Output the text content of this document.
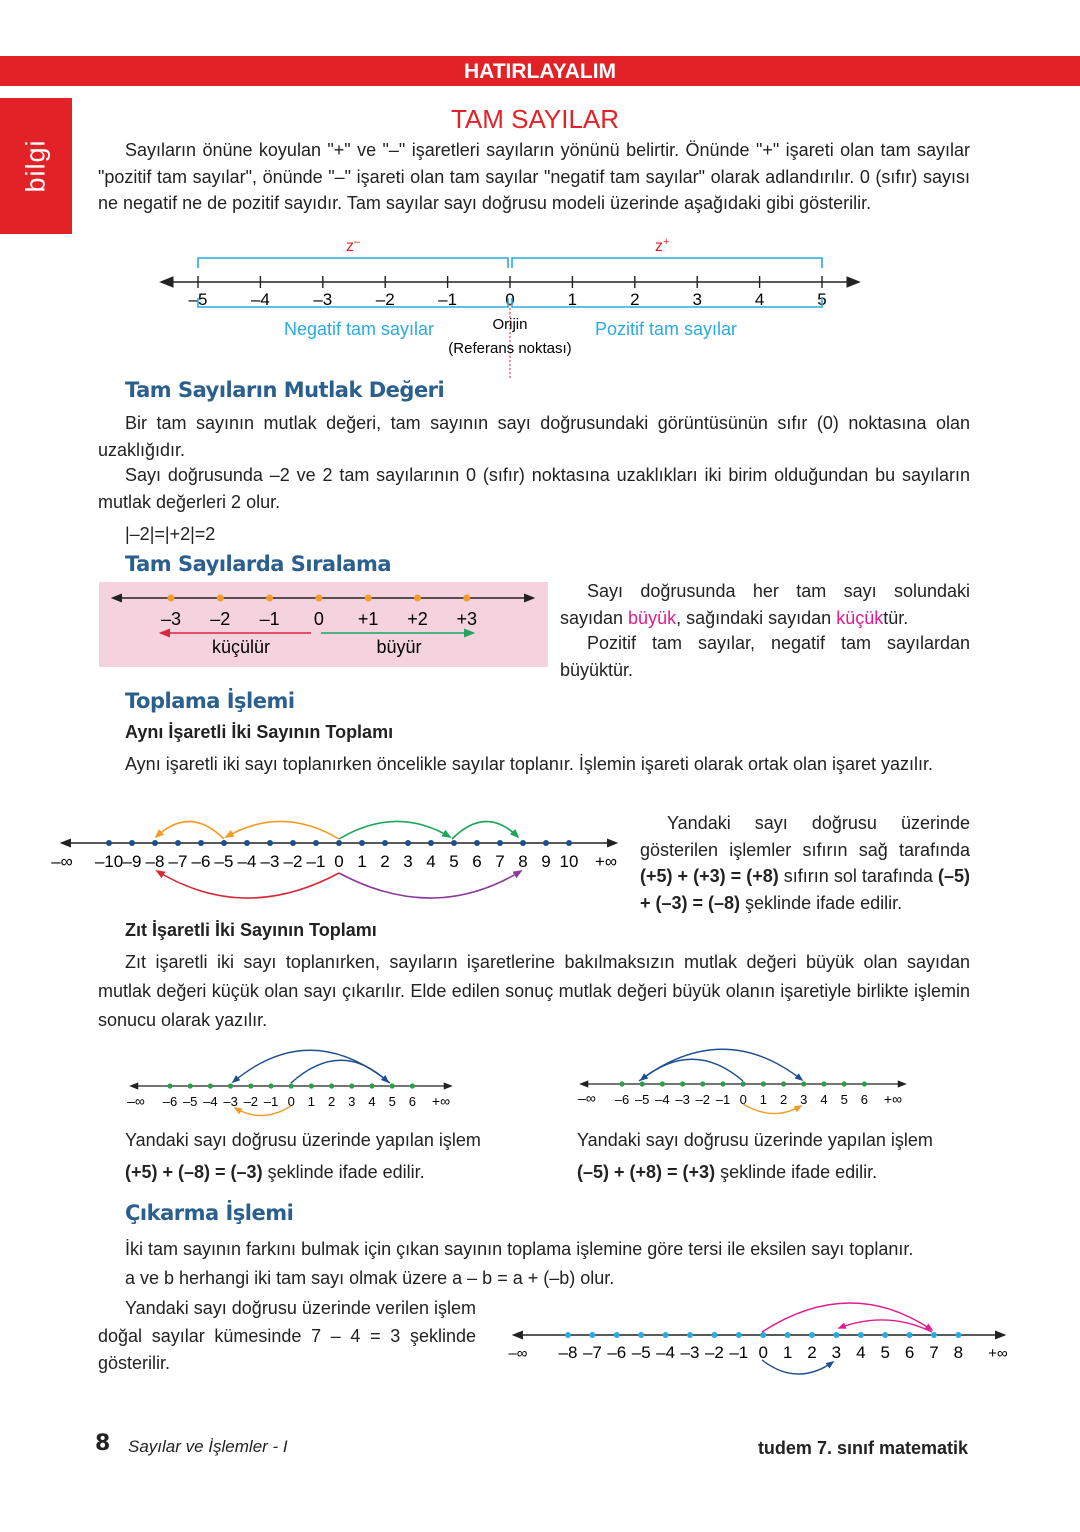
HATIRLAYALIM
bilgi
TAM SAYILAR
Sayıların önüne koyulan "+" ve "–" işaretleri sayıların yönünü belirtir. Önünde "+" işareti olan tam sayılar "pozitif tam sayılar", önünde "–" işareti olan tam sayılar "negatif tam sayılar" olarak adlandırılır. 0 (sıfır) sayısı ne negatif ne de pozitif sayıdır. Tam sayılar sayı doğrusu modeli üzerinde aşağıdaki gibi gösterilir.
z–	z+
–5	–4	–3	–2	–1	0	1	2	3	4	5
Negatif tam sayılar	Pozitif tam sayılar
Orijin
(Referans noktası)
Tam Sayıların Mutlak Değeri
Bir tam sayının mutlak değeri, tam sayının sayı doğrusundaki görüntüsünün sıfır (0) noktasına olan uzaklığıdır.
Sayı doğrusunda –2 ve 2 tam sayılarının 0 (sıfır) noktasına uzaklıkları iki birim olduğundan bu sayıların mutlak değerleri 2 olur.
|–2|=|+2|=2
Tam Sayılarda Sıralama
–3 –2 –1 0 +1 +2 +3
küçülür	büyür
Sayı doğrusunda her tam sayı solundaki sayıdan büyük, sağındaki sayıdan küçüktür.
Pozitif tam sayılar, negatif tam sayılardan büyüktür.
Toplama İşlemi
Aynı İşaretli İki Sayının Toplamı
Aynı işaretli iki sayı toplanırken öncelikle sayılar toplanır. İşlemin işareti olarak ortak olan işaret yazılır.
–10 –9 –8 –7 –6 –5 –4 –3 –2 –1 0 1 2 3 4 5 6 7 8 9 10
–∞	+∞
Yandaki sayı doğrusu üzerinde gösterilen işlemler sıfırın sağ tarafında (+5) + (+3) = (+8) sıfırın sol tarafında (–5) + (–3) = (–8) şeklinde ifade edilir.
Zıt İşaretli İki Sayının Toplamı
Zıt işaretli iki sayı toplanırken, sayıların işaretlerine bakılmaksızın mutlak değeri büyük olan sayıdan mutlak değeri küçük olan sayı çıkarılır. Elde edilen sonuç mutlak değeri büyük olanın işaretiyle birlikte işlemin sonucu olarak yazılır.
–6 –5 –4 –3 –2 –1 0 1 2 3 4 5 6
–∞	+∞	–6 –5 –4 –3 –2 –1 0 1 2 3 4 5 6
–∞	+∞
Yandaki sayı doğrusu üzerinde yapılan işlem
(+5) + (–8) = (–3) şeklinde ifade edilir.
Yandaki sayı doğrusu üzerinde yapılan işlem
(–5) + (+8) = (+3) şeklinde ifade edilir.
Çıkarma İşlemi
İki tam sayının farkını bulmak için çıkan sayının toplama işlemine göre tersi ile eksilen sayı toplanır.
a ve b herhangi iki tam sayı olmak üzere a – b = a + (–b) olur.
Yandaki sayı doğrusu üzerinde verilen işlem doğal sayılar kümesinde 7 – 4 = 3 şeklinde gösterilir.
–8 –7 –6 –5 –4 –3 –2 –1 0 1 2 3 4 5 6 7 8
–∞	+∞
8 Sayılar ve İşlemler - I	tudem 7. sınıf matematik
